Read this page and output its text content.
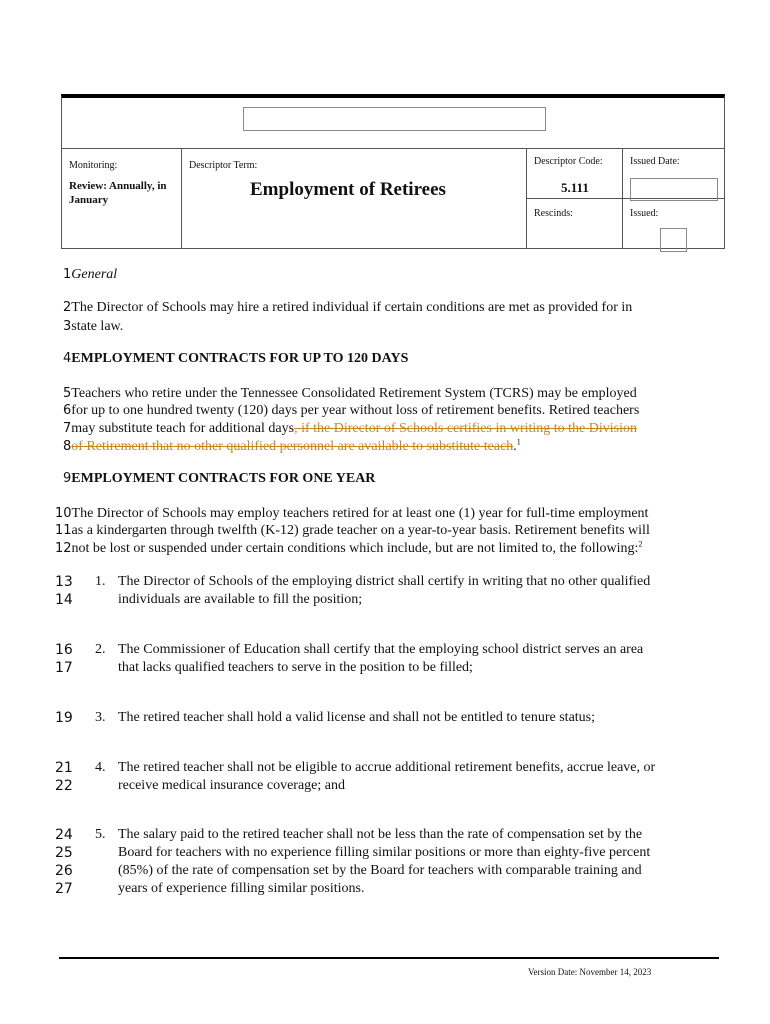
Monitoring:
Review: Annually, in
January
Descriptor Term:
Employment of Retirees
Descriptor Code:
5.111
Rescinds:
Issued Date:
Issued:
1General
2The Director of Schools may hire a retired individual if certain conditions are met as provided for in
3state law.
4EMPLOYMENT CONTRACTS FOR UP TO 120 DAYS
5Teachers who retire under the Tennessee Consolidated Retirement System (TCRS) may be employed
6for up to one hundred twenty (120) days per year without loss of retirement benefits. Retired teachers
7may substitute teach for additional days, if the Director of Schools certifies in writing to the Division
8of Retirement that no other qualified personnel are available to substitute teach.$^1$
9EMPLOYMENT CONTRACTS FOR ONE YEAR
10The Director of Schools may employ teachers retired for at least one (1) year for full-time employment
11as a kindergarten through twelfth (K-12) grade teacher on a year-to-year basis. Retirement benefits will
12not be lost or suspended under certain conditions which include, but are not limited to, the following:$^2$
13
14
1. The Director of Schools of the employing district shall certify in writing that no other qualified
individuals are available to fill the position;
16
17
2. The Commissioner of Education shall certify that the employing school district serves an area
that lacks qualified teachers to serve in the position to be filled;
19 3. The retired teacher shall hold a valid license and shall not be entitled to tenure status;
21
22
4. The retired teacher shall not be eligible to accrue additional retirement benefits, accrue leave, or
receive medical insurance coverage; and
24
25
26
27
5. The salary paid to the retired teacher shall not be less than the rate of compensation set by the
Board for teachers with no experience filling similar positions or more than eighty-five percent
(85%) of the rate of compensation set by the Board for teachers with comparable training and
years of experience filling similar positions.
Version Date: November 14, 2023
